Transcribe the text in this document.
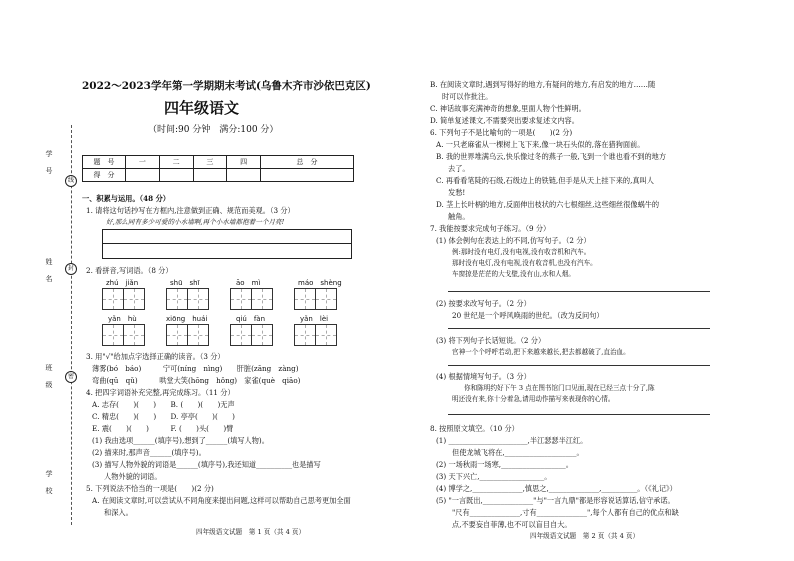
学号
姓名
班级
学校
线
封
密
2022～2023学年第一学期期末考试(乌鲁木齐市沙依巴克区)
四年级语文
（时间:90 分钟　满分:100 分）
题　号	一	二	三	四	总　分
得　分					
一、积累与运用。（48 分）
1. 请将这句话抄写在方框内,注意做到正确、规范而美观。（3 分）
好,那么同有多少可爱的小水墙啊,再个小水墙都抱着一个月亮!
2. 看拼音,写词语。（8 分）
zhú　jiǎn	shū　shī	āo　mì	máo　shèng
yǎn　hù	xiōng　huái	qiú　fàn	yǎn　lèi
3. 用"√"给加点字选择正确的读音。（3 分）
薄雾(bó　báo)　　　宁可(níng　nìng)　　肝脏(zāng　zàng)
弯曲(qū　qǔ)　　　哄堂大笑(hōng　hǒng)　家雀(què　qiāo)
4. 把四字词语补充完整,再完成练习。（11 分）
A. 志存(　　)(　　)　　B. (　　)(　　)无声
C. 精忠(　　)(　　)　　D. 亭亭(　　)(　　)
E. 震(　　)(　　)　　　F. (　　)头(　　)臂
(1) 我由选项______(填序号),想到了______(填写人物)。
(2) 描来时,那声音______(填序号)。
(3) 描写人物外貌的词语是______(填序号),我还知道__________也是描写
人物外貌的词语。
5. 下列说法不恰当的一项是(　　)(2 分)
A. 在阅读文章时,可以尝试从不同角度来提出问题,这样可以帮助自己思考更加全面
和深入。
四年级语文试题　第 1 页（共 4 页）
B. 在阅读文章时,遇到写得好的地方,有疑问的地方,有启发的地方……随
时可以作批注。
C. 神话故事充满神奇的想象,里面人物个性鲜明。
D. 简单复述课文,不需要突出要求复述文内容。
6. 下列句子不是比喻句的一项是(　　)(2 分)
A. 一只老麻雀从一棵树上飞下来,像一块石头似的,落在猎狗面前。
B. 我的世界堆满乌云,快乐像过冬的燕子一般,飞到一个谁也看不到的地方
去了。
C. 再看看笔陡的石级,石级边上的铁链,但手是从天上挂下来的,真叫人
发愁!
D. 茎上长叶柄的地方,反面伸出枝状的六七根细丝,这些细丝很像蜗牛的
触角。
7. 我能按要求完成句子练习。（9 分）
(1) 体会例句在表达上的不同,仿写句子。（2 分）
例:那时没有电灯,没有电视,没有收音机和汽车。
那时没有电灯,没有电视,没有收音机,也没有汽车。
车窗掠是茫茫的大戈壁,没有山,水和人烟。
(2) 按要求改写句子。（2 分）
20 世纪是一个呼风唤雨的世纪。（改为反问句）
(3) 将下列句子长话短说。（2 分）
官神一个个呼呼若动,把下来越来越长,把去都越破了,直治血。
(4) 根据情境写句子。（3 分）
你和陈明约好下午 3 点在图书馆门口见面,现在已经三点十分了,陈
明还没有来,你十分着急,请用动作描写来表现你的心情。
8. 按照原文填空。（10 分）
(1) ______________________,半江瑟瑟半江红。
但使龙城飞将在,____________________。
(2) 一场秋雨一场寒,__________________。
(3) 天下兴亡,__________________。
(4) 博学之,______________,慎思之,______________,__________。（《礼记》）
(5) "一言既出,______________"与"一言九鼎"都是形容说话算话,信守承诺。
"尺有______________,寸有______________",每个人都有自己的优点和缺
点,不要妄自菲薄,也不可以盲目自大。
四年级语文试题　第 2 页（共 4 页）
